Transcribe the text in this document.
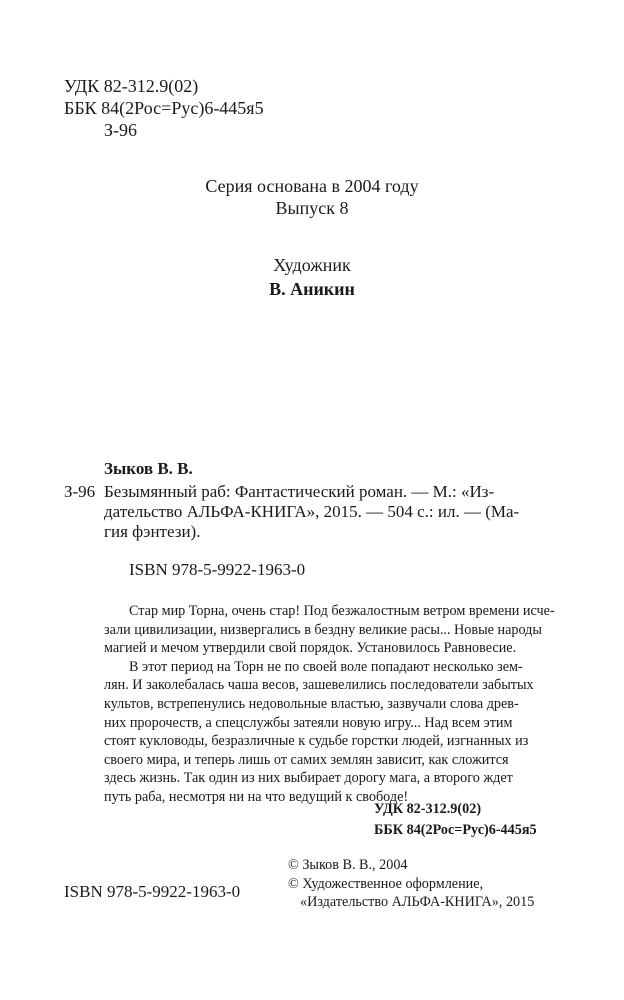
УДК 82-312.9(02)
ББК 84(2Рос=Рус)6-445я5
З-96
Серия основана в 2004 году
Выпуск 8
Художник
В. Аникин
Зыков В. В.
З-96 Безымянный раб: Фантастический роман. — М.: «Из-
дательство АЛЬФА-КНИГА», 2015. — 504 с.: ил. — (Ма-
гия фэнтези).
ISBN 978-5-9922-1963-0
Стар мир Торна, очень стар! Под безжалостным ветром времени исче-
зали цивилизации, низвергались в бездну великие расы... Новые народы
магией и мечом утвердили свой порядок. Установилось Равновесие.
В этот период на Торн не по своей воле попадают несколько зем-
лян. И заколебалась чаша весов, зашевелились последователи забытых
культов, встрепенулись недовольные властью, зазвучали слова древ-
них пророчеств, а спецслужбы затеяли новую игру... Над всем этим
стоят кукловоды, безразличные к судьбе горстки людей, изгнанных из
своего мира, и теперь лишь от самих землян зависит, как сложится
здесь жизнь. Так один из них выбирает дорогу мага, а второго ждет
путь раба, несмотря ни на что ведущий к свободе!
УДК 82-312.9(02)
ББК 84(2Рос=Рус)6-445я5
ISBN 978-5-9922-1963-0
© Зыков В. В., 2004
© Художественное оформление,
«Издательство АЛЬФА-КНИГА», 2015
